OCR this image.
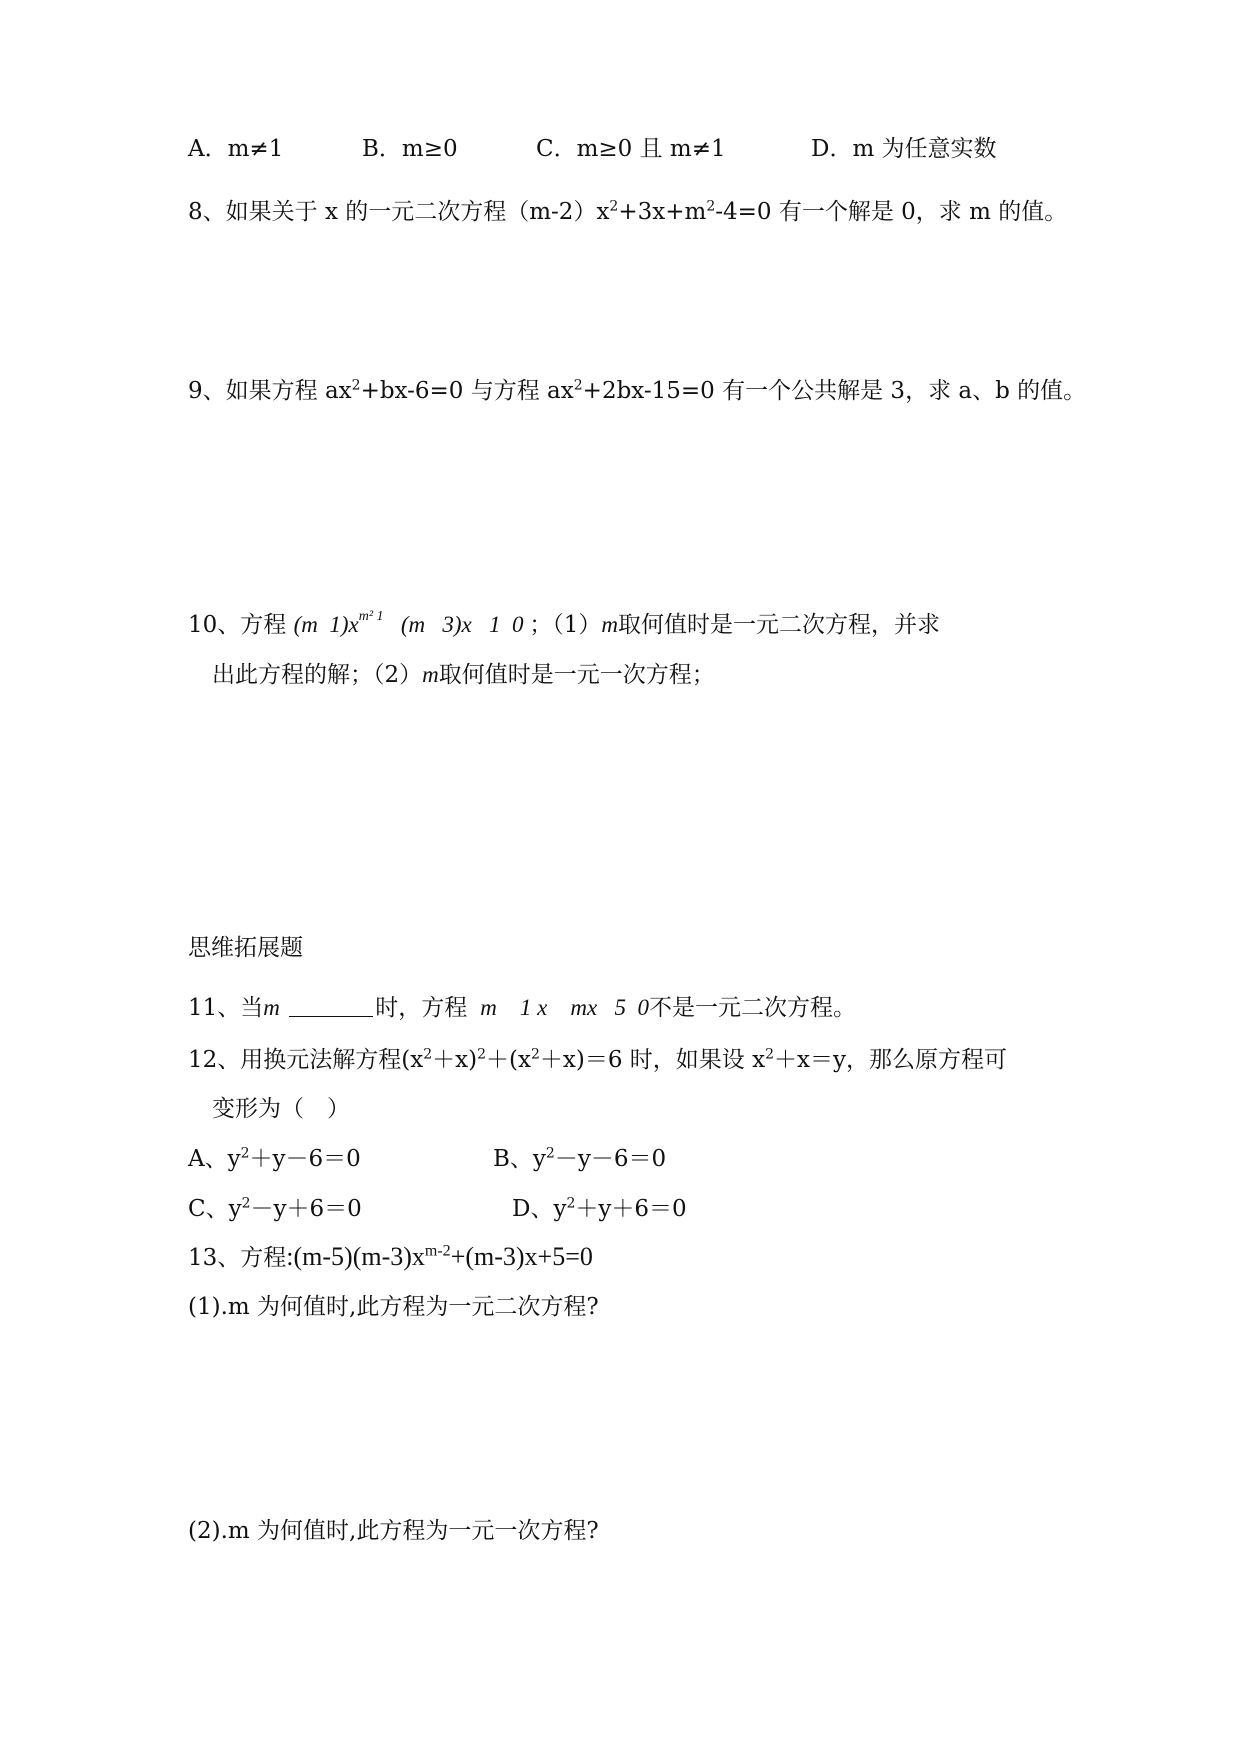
A．m≠1	B．m≥0	C．m≥0 且 m≠1	D．m 为任意实数
8、如果关于 x 的一元二次方程$(m-2)x^2+3x+m^2-4=0$ 有一个解是 0，求 m 的值。
9、如果方程 $ax^2+bx-6=0$ 与方程 $ax^2+2bx-15=0$ 有一个公共解是 3，求 a、b 的值。
10、方程 (m $1)x^{m^2 1}$ (m 3)x 1 0 ；（1）m取何值时是一元二次方程，并求
出此方程的解；（2）m取何值时是一元一次方程；
思维拓展题
11、当m	时，方程 m 1 x mx 5 0不是一元二次方程。
12、用换元法解方程$(x^2+x)^2+(x^2+x)=6$ 时，如果设 $x^2+x=y$，那么原方程可
变形为（　）
A、$y^2+y-6=0$	B、$y^2-y-6=0$
C、$y^2-y+6=0$	D、$y^2+y+6=0$
13、方程$:(m-5)(m-3)x^{m-2}+(m-3)x+5=0$
(1).m 为何值时,此方程为一元二次方程?
(2).m 为何值时,此方程为一元一次方程?
